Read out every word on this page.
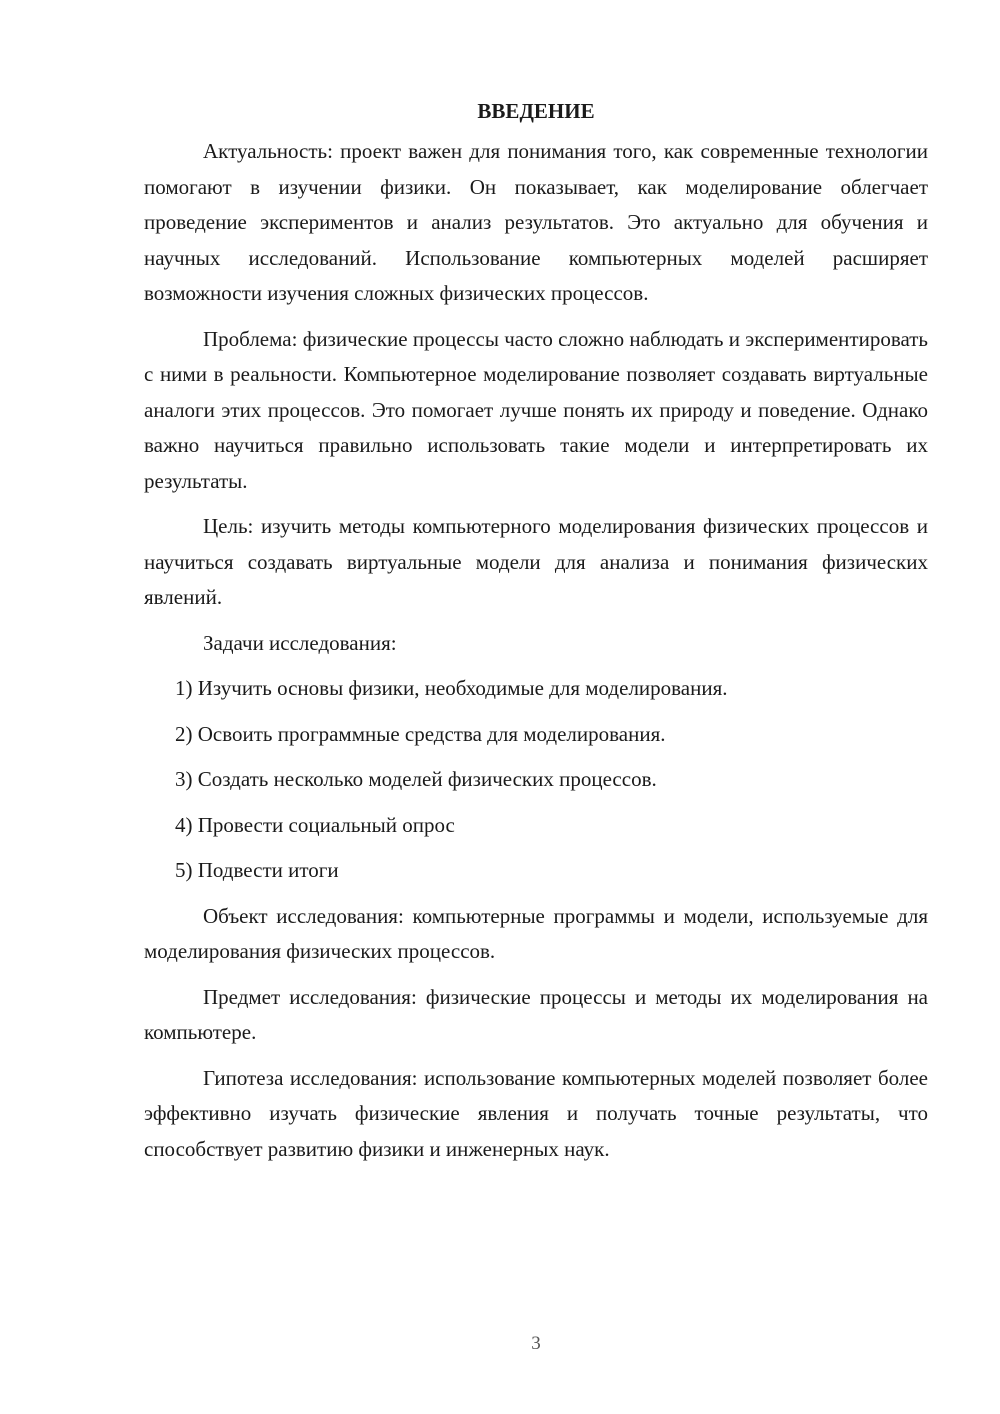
ВВЕДЕНИЕ

Актуальность: проект важен для понимания того, как современные технологии помогают в изучении физики. Он показывает, как моделирование облегчает проведение экспериментов и анализ результатов. Это актуально для обучения и научных исследований. Использование компьютерных моделей расширяет возможности изучения сложных физических процессов.

Проблема: физические процессы часто сложно наблюдать и экспериментировать с ними в реальности. Компьютерное моделирование позволяет создавать виртуальные аналоги этих процессов. Это помогает лучше понять их природу и поведение. Однако важно научиться правильно использовать такие модели и интерпретировать их результаты.

Цель: изучить методы компьютерного моделирования физических процессов и научиться создавать виртуальные модели для анализа и понимания физических явлений.

Задачи исследования:

1) Изучить основы физики, необходимые для моделирования.

2) Освоить программные средства для моделирования.

3) Создать несколько моделей физических процессов.

4) Провести социальный опрос

5) Подвести итоги

Объект исследования: компьютерные программы и модели, используемые для моделирования физических процессов.

Предмет исследования: физические процессы и методы их моделирования на компьютере.

Гипотеза исследования: использование компьютерных моделей позволяет более эффективно изучать физические явления и получать точные результаты, что способствует развитию физики и инженерных наук.

3
